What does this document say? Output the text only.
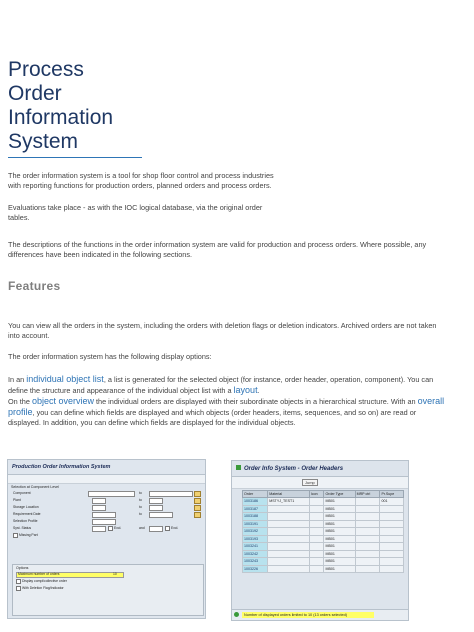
Process
Order
Information
System

The order information system is a tool for shop floor control and process industries
with reporting functions for production orders, planned orders and process orders.

Evaluations take place - as with the IOC logical database, via the original order
tables.

The descriptions of the functions in the order information system are valid for production and process orders. Where possible, any
differences have been indicated in the following sections.

Features

You can view all the orders in the system, including the orders with deletion flags or deletion indicators. Archived orders are not taken
into account.

The order information system has the following display options:

In an individual object list, a list is generated for the selected object (for instance, order header, operation, component). You can
define the structure and appearance of the individual object list with a layout.

On the object overview the individual orders are displayed with their subordinate objects in a hierarchical structure. With an overall
profile, you can define which fields are displayed and which objects (order headers, items, sequences, and so on) are read or
displayed. In addition, you can define which fields are displayed for the individual objects.

Production Order Information System
Selection at Component Level
Component	to
Plant	to
Storage Location	to
Requirement Date	to
Selection Profile
Syst. Status	Excl.	and	Excl.
Missing Part
Options
Maximum number of orders	10
Display compl/collective order
With Deletion Flag/Indicator
Order Info System - Order Headers
Jump
Order	Material	Icon	Order Type	MRP ctrl	Pr.Supe
1003186	MSTYJ_TEST1		MB01		001
1003187			MB01		
1003188			MB01		
1003191			MB01		
1003192			MB01		
1003193			MB01		
1003241			MB01		
1003242			MB01		
1003243			MB01		
1003226			MB01		
Number of displayed orders limited to 10 (13 orders selected)
